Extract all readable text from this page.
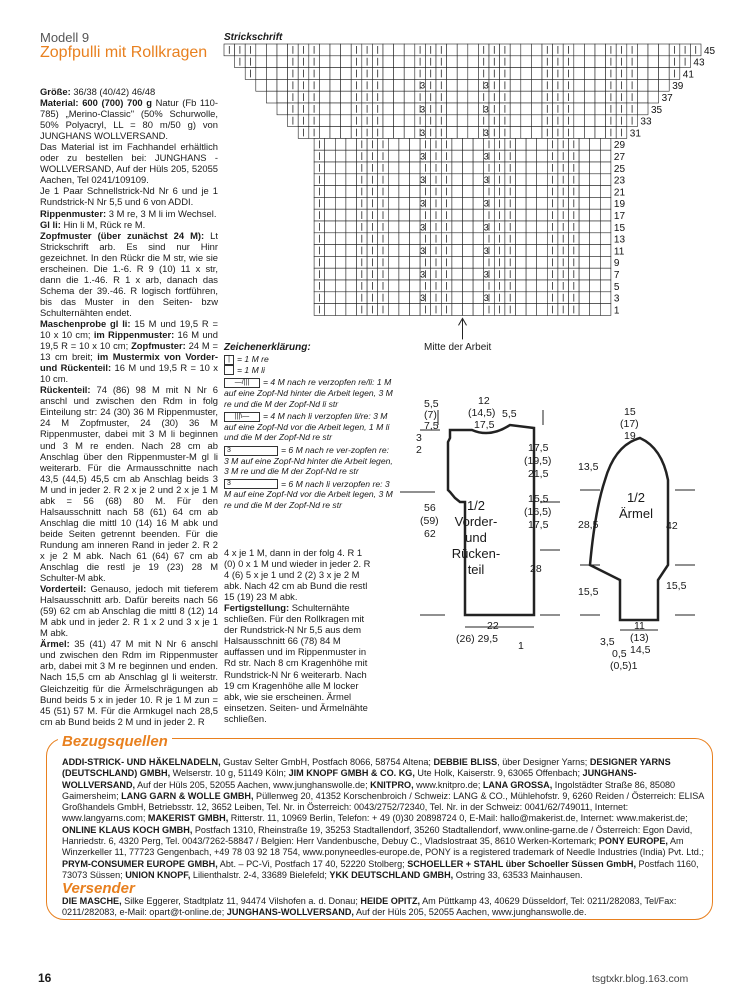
Modell 9
Zopfpulli mit Rollkragen
Größe: 36/38 (40/42) 46/48
Material: 600 (700) 700 g Natur (Fb 110-785) „Merino-Classic" (50% Schurwolle, 50% Polyacryl, LL = 80 m/50 g) von JUNGHANS WOLLVERSAND.
Das Material ist im Fachhandel erhältlich oder zu bestellen bei: JUNGHANS -WOLLVERSAND, Auf der Hüls 205, 52055 Aachen, Tel 0241/109109.
Je 1 Paar Schnellstrick-Nd Nr 6 und je 1 Rundstrick-N Nr 5,5 und 6 von ADDI.
Rippenmuster: 3 M re, 3 M li im Wechsel.
Gl li: Hin li M, Rück re M.
Zopfmuster (über zunächst 24 M): Lt Strickschrift arb. Es sind nur Hinr gezeichnet. In den Rückr die M str, wie sie erscheinen. Die 1.-6. R 9 (10) 11 x str, dann die 1.-46. R 1 x arb, danach das Schema der 39.-46. R logisch fortführen, bis das Muster in den Seiten- bzw Schulternähten endet.
Maschenprobe gl li: 15 M und 19,5 R = 10 x 10 cm; im Rippenmuster: 16 M und 19,5 R = 10 x 10 cm; Zopfmuster: 24 M = 13 cm breit; im Mustermix von Vorder- und Rückenteil: 16 M und 19,5 R = 10 x 10 cm.
Rückenteil: 74 (86) 98 M mit N Nr 6 anschl und zwischen den Rdm in folg Einteilung str: 24 (30) 36 M Rippenmuster, 24 M Zopfmuster, 24 (30) 36 M Rippenmuster, dabei mit 3 M li beginnen und 3 M re enden. Nach 28 cm ab Anschlag über den Rippenmuster-M gl li weiterarb. Für die Armausschnitte nach 43,5 (44,5) 45,5 cm ab Anschlag beids 3 M und in jeder 2. R 2 x je 2 und 2 x je 1 M abk = 56 (68) 80 M. Für den Halsausschnitt nach 58 (61) 64 cm ab Anschlag die mittl 10 (14) 16 M abk und beide Seiten getrennt beenden. Für die Rundung am inneren Rand in jeder 2. R 2 x je 2 M abk. Nach 61 (64) 67 cm ab Anschlag die restl je 19 (23) 28 M Schulter-M abk.
Vorderteil: Genauso, jedoch mit tieferem Halsausschnitt arb. Dafür bereits nach 56 (59) 62 cm ab Anschlag die mittl 8 (12) 14 M abk und in jeder 2. R 1 x 2 und 3 x je 1 M abk.
Ärmel: 35 (41) 47 M mit N Nr 6 anschl und zwischen den Rdm im Rippenmuster arb, dabei mit 3 M re beginnen und enden. Nach 15,5 cm ab Anschlag gl li weiterstr. Gleichzeitig für die Ärmelschrägungen ab Bund beids 5 x in jeder 10. R je 1 M zun = 45 (51) 57 M. Für die Armkugel nach 28,5 cm ab Bund beids 2 M und in jeder 2. R
4 x je 1 M, dann in der folg 4. R 1 (0) 0 x 1 M und wieder in jeder 2. R 4 (6) 5 x je 1 und 2 (2) 3 x je 2 M abk. Nach 42 cm ab Bund die restl 15 (19) 23 M abk.
Fertigstellung: Schulternähte schließen. Für den Rollkragen mit der Rundstrick-N Nr 5,5 aus dem Halsausschnitt 66 (78) 84 M auffassen und im Rippenmuster in Rd str. Nach 8 cm Kragenhöhe mit Rundstrick-N Nr 6 weiterarb. Nach 19 cm Kragenhöhe alle M locker abk, wie sie erscheinen. Ärmel einsetzen. Seiten- und Ärmelnähte schließen.
Strickschrift
45
43
41
39
3	3
37
35
3	3
33
31
3	3
29
27
3	3
25
23
3	3
21
19
3	3
17
15
3	3
13
11
3	3
9
7
3	3
5
3
3	3
1
Mitte der Arbeit
Zeichenerklärung:
| = 1 M re
= 1 M li
―/||| = 4 M nach re verzopfen re/li: 1 M auf eine Zopf-Nd hinter die Arbeit legen, 3 M re und die M der Zopf-Nd li str
|||\― = 4 M nach li verzopfen li/re: 3 M auf eine Zopf-Nd vor die Arbeit legen, 1 M li und die M der Zopf-Nd re str
3	= 6 M nach re ver-zopfen re: 3 M auf eine Zopf-Nd hinter die Arbeit legen, 3 M re und die M der Zopf-Nd re str
3	= 6 M nach li verzopfen re: 3 M auf eine Zopf-Nd vor die Arbeit legen, 3 M re und die M der Zopf-Nd re str
5,5
(7)
7,5
12
(14,5)
17,5
5,5
3
2	17,5
(19,5)
21,5
15,5
(16,5)
17,5
56
(59)
62
28
22
(26) 29,5
1
1/2 Vorder- und Rücken- teil
15
(17)
19
13,5
28,5	42
15,5	15,5
11
(13)
14,5
3,5
0,5
(0,5)1
1/2 Ärmel
Bezugsquellen
ADDI-STRICK- UND HÄKELNADELN, Gustav Selter GmbH, Postfach 8066, 58754 Altena; DEBBIE BLISS, über Designer Yarns; DESIGNER YARNS (DEUTSCHLAND) GMBH, Welserstr. 10 g, 51149 Köln; JIM KNOPF GMBH & CO. KG, Ute Holk, Kaiserstr. 9, 63065 Offenbach; JUNGHANS-WOLLVERSAND, Auf der Hüls 205, 52055 Aachen, www.junghanswolle.de; KNITPRO, www.knitpro.de; LANA GROSSA, Ingolstädter Straße 86, 85080 Gaimersheim; LANG GARN & WOLLE GMBH, Püllenweg 20, 41352 Korschenbroich / Schweiz: LANG & CO., Mühlehofstr. 9, 6260 Reiden / Österreich: ELISA Großhandels GmbH, Betriebsstr. 12, 3652 Leiben, Tel. Nr. in Österreich: 0043/2752/72340, Tel. Nr. in der Schweiz: 0041/62/749011, Internet: www.langyarns.com; MAKERIST GMBH, Ritterstr. 11, 10969 Berlin, Telefon: + 49 (0)30 20898724 0, E-Mail: hallo@makerist.de, Internet: www.makerist.de; ONLINE KLAUS KOCH GMBH, Postfach 1310, Rheinstraße 19, 35253 Stadtallendorf, 35260 Stadtallendorf, www.online-garne.de / Österreich: Egon David, Hanriedstr. 6, 4320 Perg, Tel. 0043/7262-58847 / Belgien: Herr Vandenbusche, Debuy C., Vladslostraat 35, 8610 Werken-Kortemark; PONY EUROPE, Am Winzerkeller 11, 77723 Gengenbach, +49 78 03 92 18 754, www.ponyneedles-europe.de, PONY is a registered trademark of Needle Industries (India) Pvt. Ltd.; PRYM-CONSUMER EUROPE GMBH, Abt. – PC-Vi, Postfach 17 40, 52220 Stolberg; SCHOELLER + STAHL über Schoeller Süssen GmbH, Postfach 1160, 73073 Süssen; UNION KNOPF, Lilienthalstr. 2-4, 33689 Bielefeld; YKK DEUTSCHLAND GMBH, Ostring 33, 63533 Mainhausen.
Versender
DIE MASCHE, Silke Eggerer, Stadtplatz 11, 94474 Vilshofen a. d. Donau; HEIDE OPITZ, Am Püttkamp 43, 40629 Düsseldorf, Tel: 0211/282083, Tel/Fax: 0211/282083, e-Mail: opart@t-online.de; JUNGHANS-WOLLVERSAND, Auf der Hüls 205, 52055 Aachen, www.junghanswolle.de.
16	tsgtxkr.blog.163.com
